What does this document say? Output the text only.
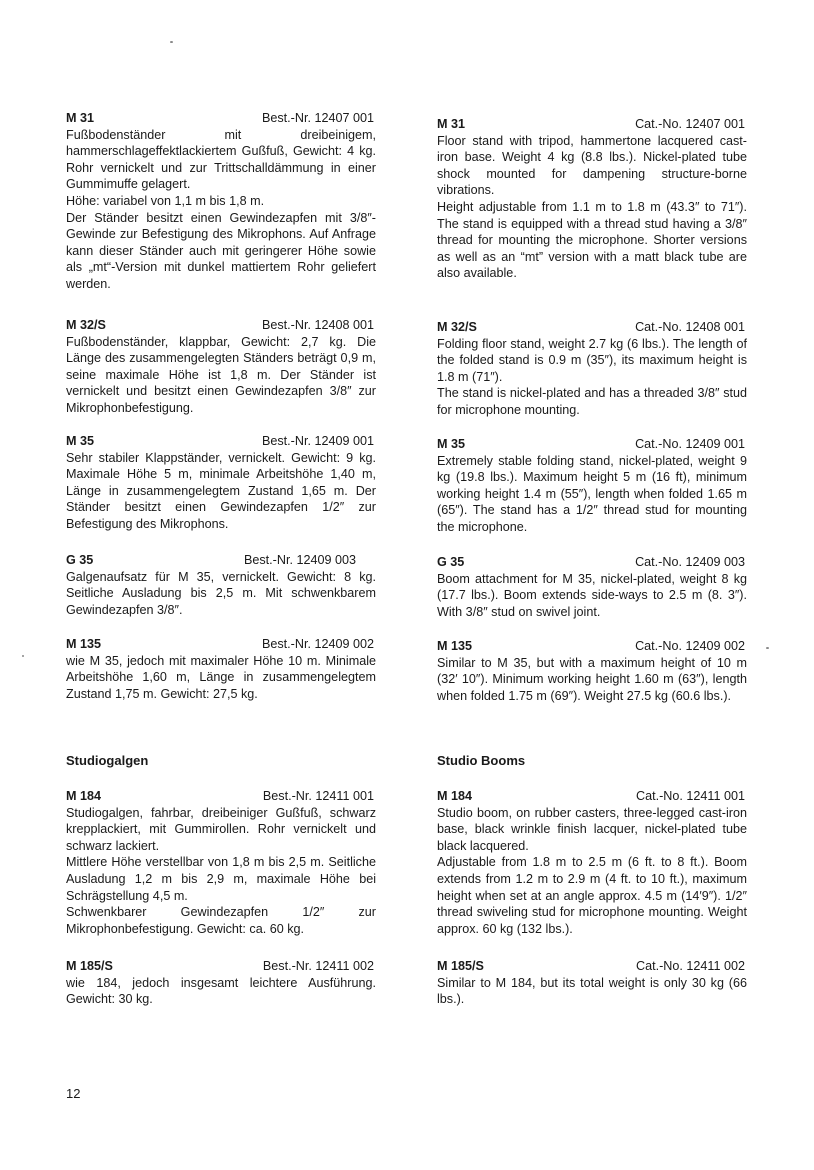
M 31	Best.-Nr. 12407 001

Fußbodenständer mit dreibeinigem, hammerschlageffektlackiertem Gußfuß, Gewicht: 4 kg. Rohr vernickelt und zur Trittschalldämmung in einer Gummimuffe gelagert.

Höhe: variabel von 1,1 m bis 1,8 m.

Der Ständer besitzt einen Gewindezapfen mit 3/8″-Gewinde zur Befestigung des Mikrophons. Auf Anfrage kann dieser Ständer auch mit geringerer Höhe sowie als „mt“-Version mit dunkel mattiertem Rohr geliefert werden.

M 32/S	Best.-Nr. 12408 001

Fußbodenständer, klappbar, Gewicht: 2,7 kg. Die Länge des zusammengelegten Ständers beträgt 0,9 m, seine maximale Höhe ist 1,8 m. Der Ständer ist vernickelt und besitzt einen Gewindezapfen 3/8″ zur Mikrophonbefestigung.

M 35	Best.-Nr. 12409 001

Sehr stabiler Klappständer, vernickelt. Gewicht: 9 kg. Maximale Höhe 5 m, minimale Arbeitshöhe 1,40 m, Länge in zusammengelegtem Zustand 1,65 m. Der Ständer besitzt einen Gewindezapfen 1/2″ zur Befestigung des Mikrophons.

G 35	Best.-Nr. 12409 003

Galgenaufsatz für M 35, vernickelt. Gewicht: 8 kg. Seitliche Ausladung bis 2,5 m. Mit schwenkbarem Gewindezapfen 3/8″.

M 135	Best.-Nr. 12409 002

wie M 35, jedoch mit maximaler Höhe 10 m. Minimale Arbeitshöhe 1,60 m, Länge in zusammengelegtem Zustand 1,75 m. Gewicht: 27,5 kg.

Studiogalgen
M 184	Best.-Nr. 12411 001

Studiogalgen, fahrbar, dreibeiniger Gußfuß, schwarz krepplackiert, mit Gummirollen. Rohr vernickelt und schwarz lackiert.

Mittlere Höhe verstellbar von 1,8 m bis 2,5 m. Seitliche Ausladung 1,2 m bis 2,9 m, maximale Höhe bei Schrägstellung 4,5 m.

Schwenkbarer Gewindezapfen 1/2″ zur Mikrophonbefestigung. Gewicht: ca. 60 kg.

M 185/S	Best.-Nr. 12411 002

wie 184, jedoch insgesamt leichtere Ausführung. Gewicht: 30 kg.

M 31	Cat.-No. 12407 001

Floor stand with tripod, hammertone lacquered cast-iron base. Weight 4 kg (8.8 lbs.). Nickel-plated tube shock mounted for dampening structure-borne vibrations.

Height adjustable from 1.1 m to 1.8 m (43.3″ to 71″). The stand is equipped with a thread stud having a 3/8″ thread for mounting the microphone. Shorter versions as well as an “mt” version with a matt black tube are also available.

M 32/S	Cat.-No. 12408 001

Folding floor stand, weight 2.7 kg (6 lbs.). The length of the folded stand is 0.9 m (35″), its maximum height is 1.8 m (71″).

The stand is nickel-plated and has a threaded 3/8″ stud for microphone mounting.

M 35	Cat.-No. 12409 001

Extremely stable folding stand, nickel-plated, weight 9 kg (19.8 lbs.). Maximum height 5 m (16 ft), minimum working height 1.4 m (55″), length when folded 1.65 m (65″). The stand has a 1/2″ thread stud for mounting the microphone.

G 35	Cat.-No. 12409 003

Boom attachment for M 35, nickel-plated, weight 8 kg (17.7 lbs.). Boom extends side-ways to 2.5 m (8. 3″). With 3/8″ stud on swivel joint.

M 135	Cat.-No. 12409 002

Similar to M 35, but with a maximum height of 10 m (32′ 10″). Minimum working height 1.60 m (63″), length when folded 1.75 m (69″). Weight 27.5 kg (60.6 lbs.).

Studio Booms
M 184	Cat.-No. 12411 001

Studio boom, on rubber casters, three-legged cast-iron base, black wrinkle finish lacquer, nickel-plated tube black lacquered.

Adjustable from 1.8 m to 2.5 m (6 ft. to 8 ft.). Boom extends from 1.2 m to 2.9 m (4 ft. to 10 ft.), maximum height when set at an angle approx. 4.5 m (14′9″). 1/2″ thread swiveling stud for microphone mounting. Weight approx. 60 kg (132 lbs.).

M 185/S	Cat.-No. 12411 002

Similar to M 184, but its total weight is only 30 kg (66 lbs.).

12
